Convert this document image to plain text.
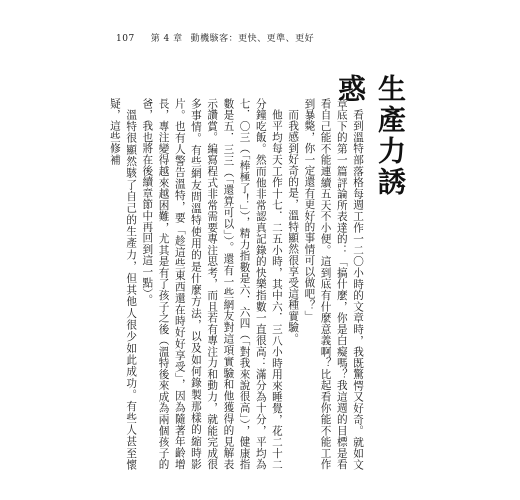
107 第 4 章 動機駭客：更快、更準、更好
生產力誘惑

看到溫特部落格每週工作一二〇小時的文章時，我既驚愕又好奇。就如文章底下的第一篇評論所表達的：「搞什麼，你是白癡嗎？我這週的目標是看看自己能不能連續五天不小便。這到底有什麼意義啊？比起看你能不能工作到暴斃，你一定還有更好的事情可以做吧？」

而我感到好奇的是，溫特顯然很享受這種實驗。

他平均每天工作十七．二五小時，其中六．三八小時用來睡覺，花二十二分鐘吃飯。然而他非常認真記錄的快樂指數一直很高：滿分為十分，平均為七．〇三（「棒極了！」），精力指數是六．六四（「對我來說很高」），健康指數是五．三三（「還算可以」）。還有一些網友對這項實驗和他獲得的見解表示讚賞。編寫程式非常需要專注思考，而且若有專注力和動力，就能完成很多事情。有些網友問溫特使用的是什麼方法，以及如何錄製那樣的縮時影片。也有人警告溫特，要「趁這些東西還在時好好享受」，因為隨著年齡增長，專注變得越來越困難，尤其是有了孩子之後（溫特後來成為兩個孩子的爸，我也將在後續章節中再回到這一點）。

溫特很顯然駭了自己的生產力，但其他人很少如此成功。有些人甚至懷疑，這些修補
